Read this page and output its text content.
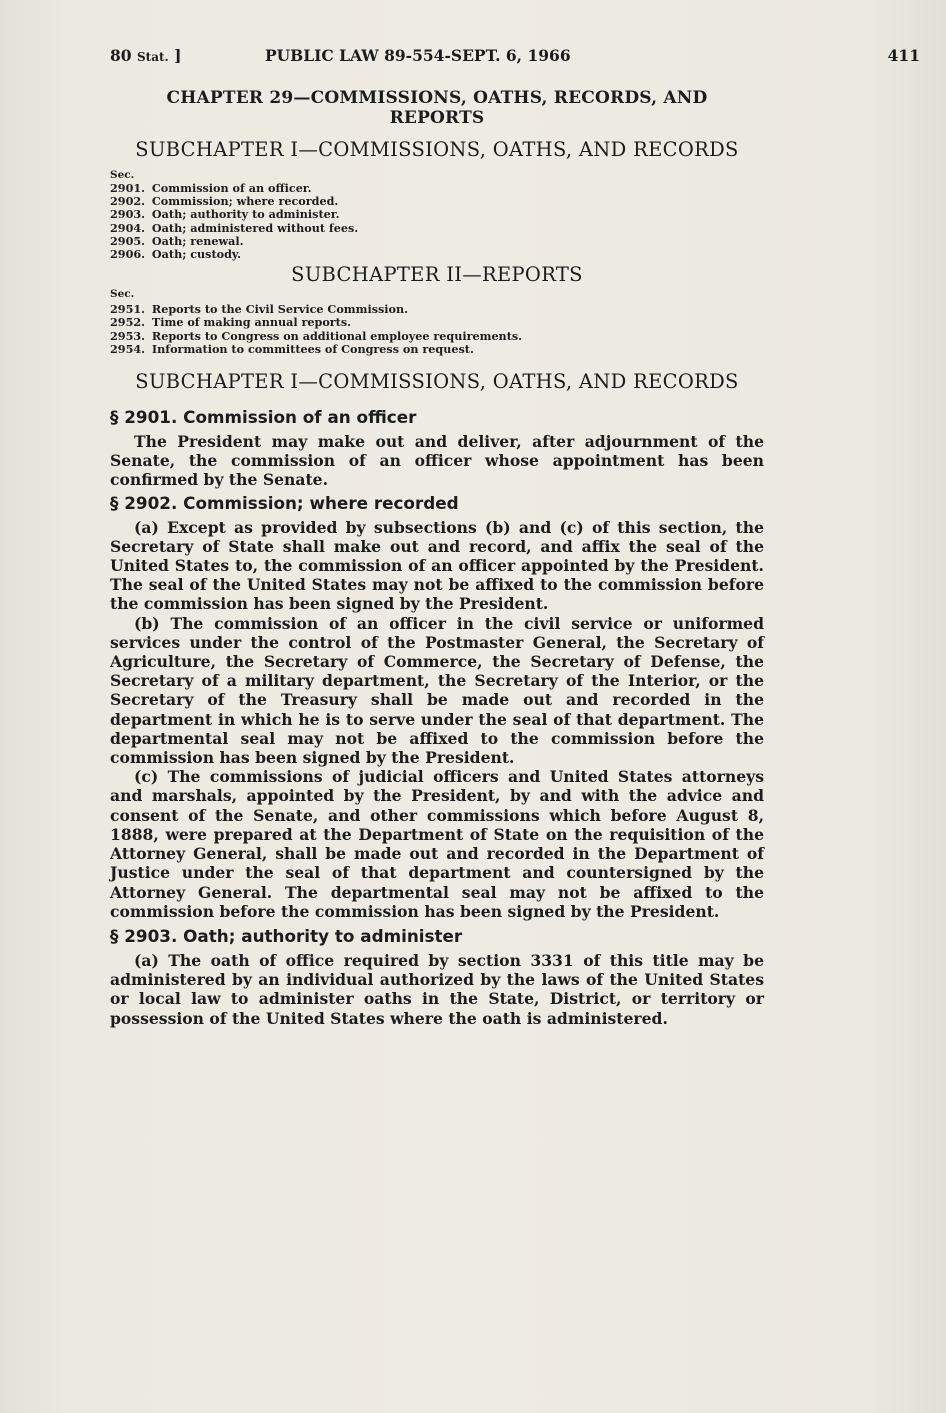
80 Stat. ]	PUBLIC LAW 89-554-SEPT. 6, 1966	411
CHAPTER 29—COMMISSIONS, OATHS, RECORDS, AND
REPORTS
SUBCHAPTER I—COMMISSIONS, OATHS, AND RECORDS
Sec.
2901. Commission of an officer.
2902. Commission; where recorded.
2903. Oath; authority to administer.
2904. Oath; administered without fees.
2905. Oath; renewal.
2906. Oath; custody.
SUBCHAPTER II—REPORTS
Sec.
2951. Reports to the Civil Service Commission.
2952. Time of making annual reports.
2953. Reports to Congress on additional employee requirements.
2954. Information to committees of Congress on request.
SUBCHAPTER I—COMMISSIONS, OATHS, AND RECORDS
§ 2901. Commission of an officer

The President may make out and deliver, after adjournment of the Senate, the commission of an officer whose appointment has been confirmed by the Senate.

§ 2902. Commission; where recorded

(a) Except as provided by subsections (b) and (c) of this section, the Secretary of State shall make out and record, and affix the seal of the United States to, the commission of an officer appointed by the President. The seal of the United States may not be affixed to the commission before the commission has been signed by the President.

(b) The commission of an officer in the civil service or uniformed services under the control of the Postmaster General, the Secretary of Agriculture, the Secretary of Commerce, the Secretary of Defense, the Secretary of a military department, the Secretary of the Interior, or the Secretary of the Treasury shall be made out and recorded in the department in which he is to serve under the seal of that department. The departmental seal may not be affixed to the commission before the commission has been signed by the President.

(c) The commissions of judicial officers and United States attorneys and marshals, appointed by the President, by and with the advice and consent of the Senate, and other commissions which before August 8, 1888, were prepared at the Department of State on the requisition of the Attorney General, shall be made out and recorded in the Department of Justice under the seal of that department and countersigned by the Attorney General. The departmental seal may not be affixed to the commission before the commission has been signed by the President.

§ 2903. Oath; authority to administer

(a) The oath of office required by section 3331 of this title may be administered by an individual authorized by the laws of the United States or local law to administer oaths in the State, District, or territory or possession of the United States where the oath is administered.
